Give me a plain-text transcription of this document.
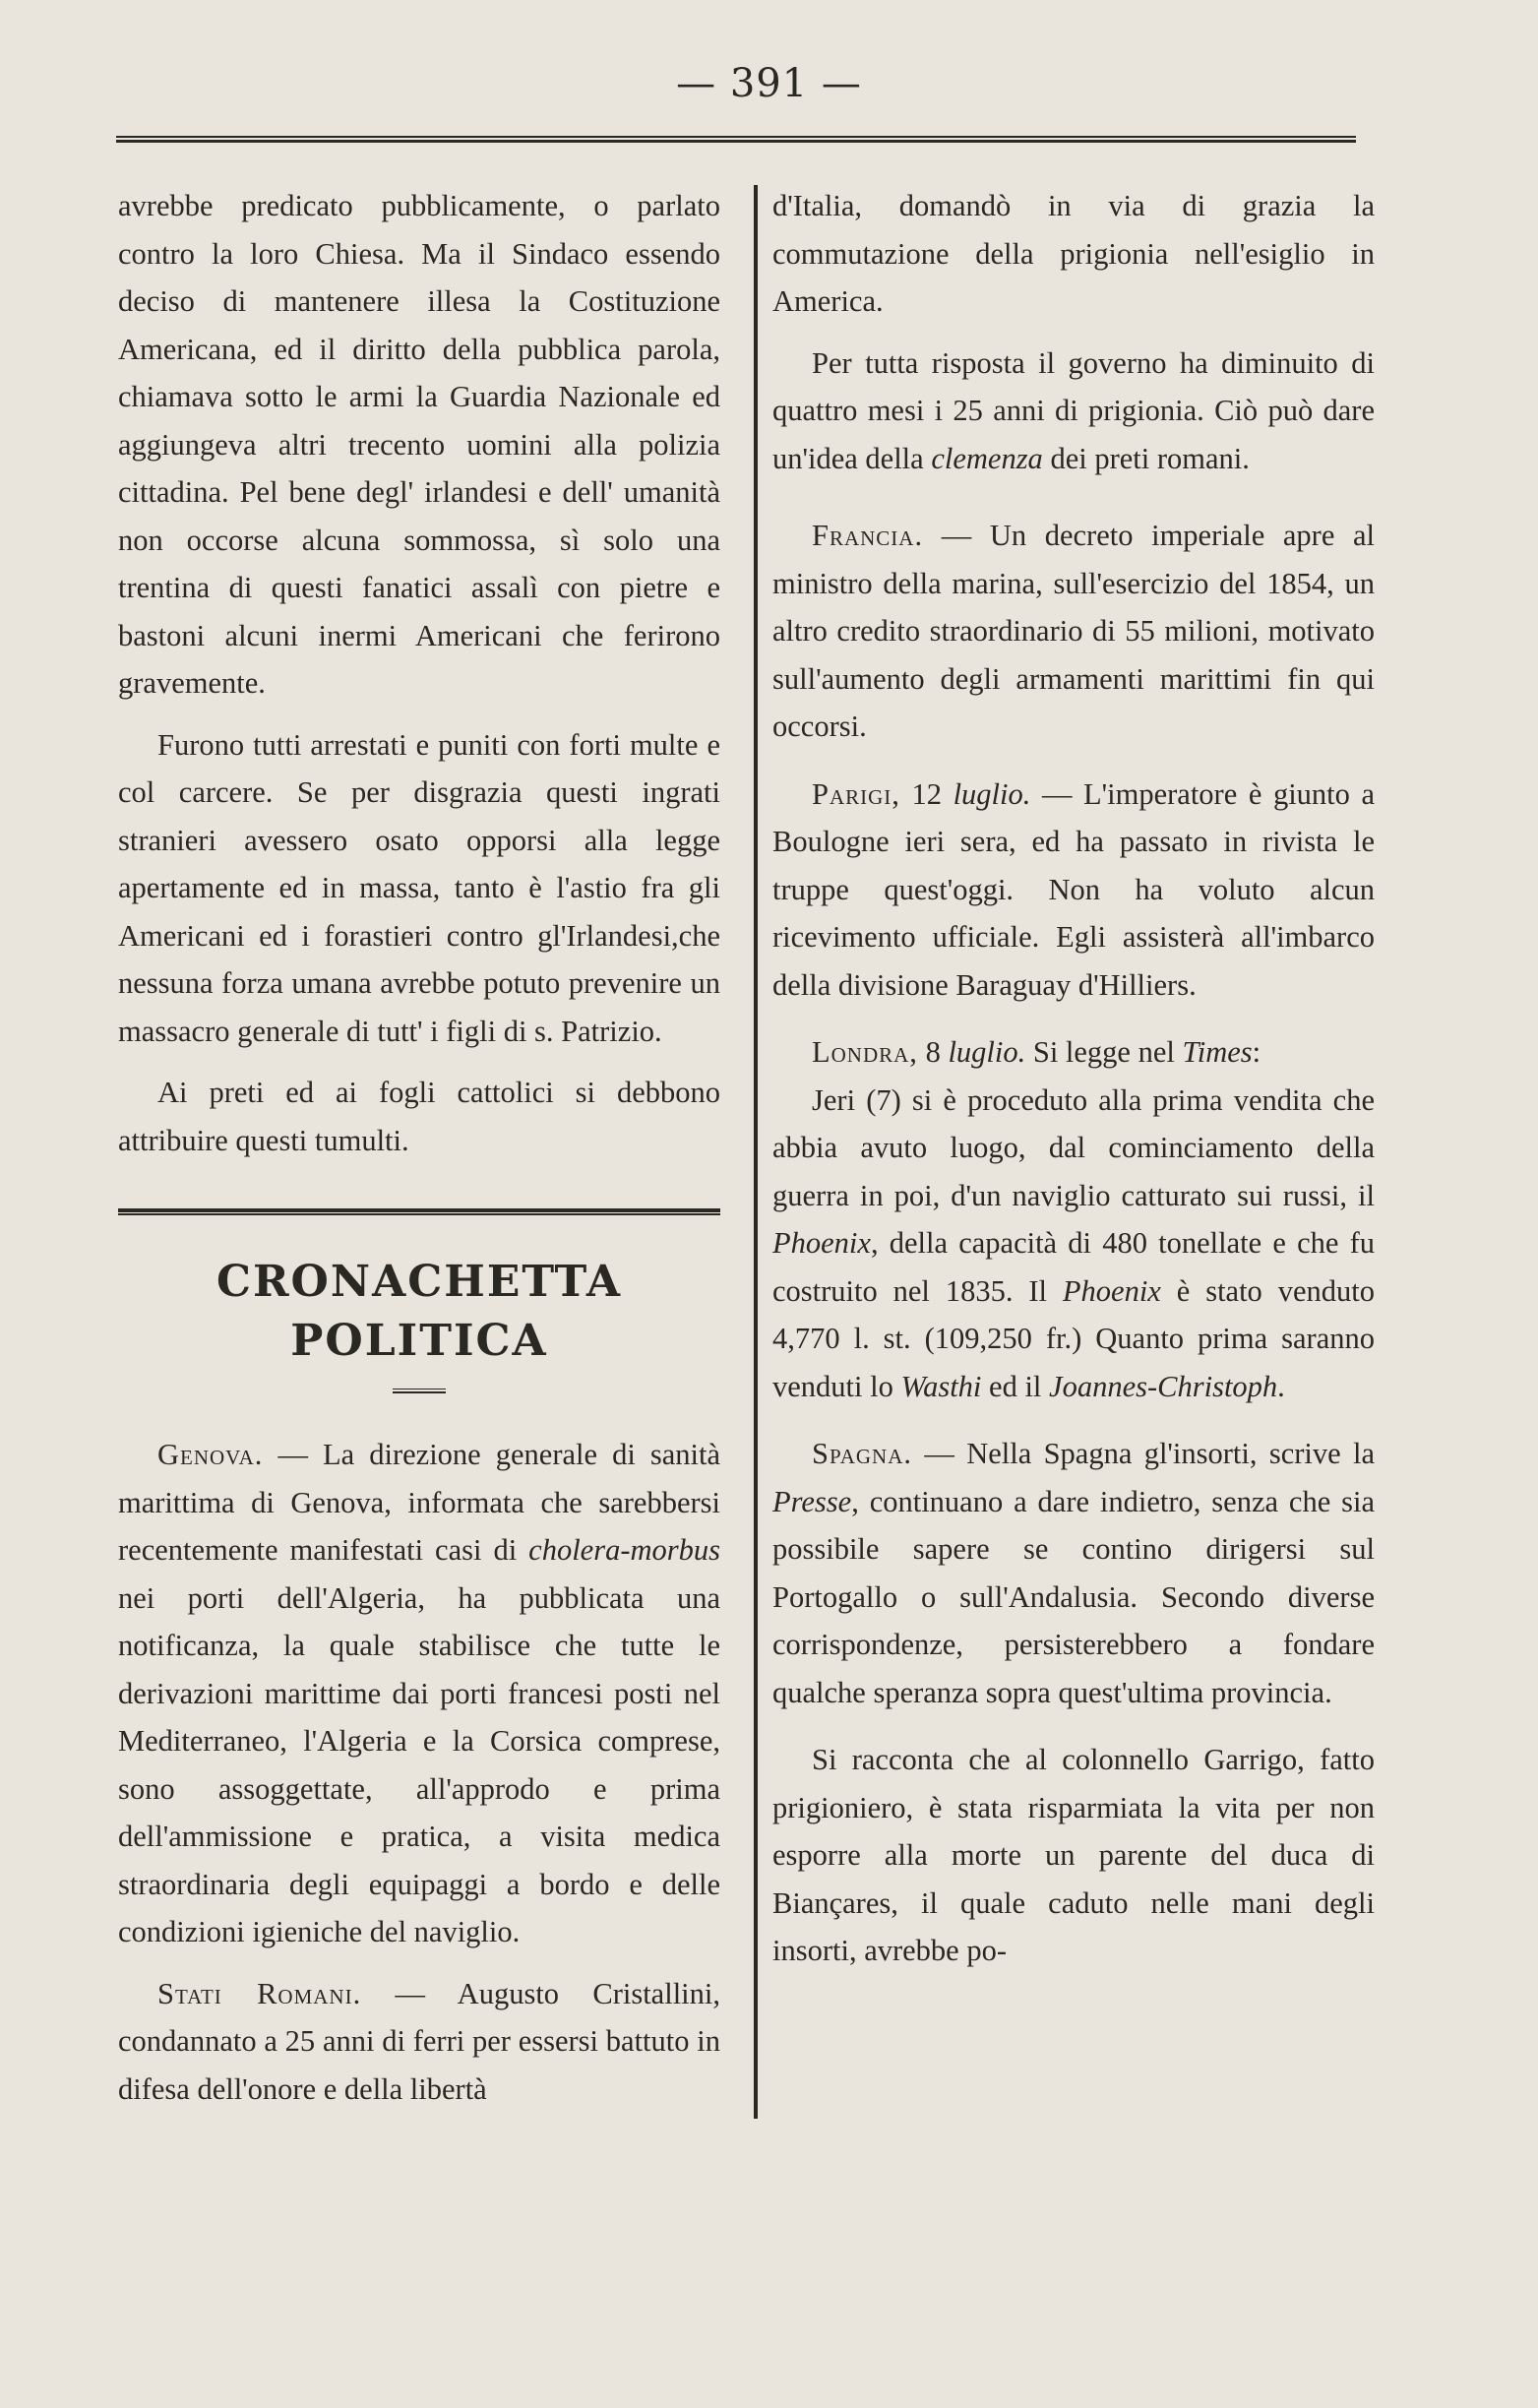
— 391 —

avrebbe predicato pubblicamente, o parlato contro la loro Chiesa. Ma il Sindaco essendo deciso di mantenere illesa la Costituzione Americana, ed il diritto della pubblica parola, chiamava sotto le armi la Guardia Nazionale ed aggiungeva altri trecento uomini alla polizia cittadina. Pel bene degl' irlandesi e dell' umanità non occorse alcuna sommossa, sì solo una trentina di questi fanatici assalì con pietre e bastoni alcuni inermi Americani che ferirono gravemente.

Furono tutti arrestati e puniti con forti multe e col carcere. Se per disgrazia questi ingrati stranieri avessero osato opporsi alla legge apertamente ed in massa, tanto è l'astio fra gli Americani ed i forastieri contro gl'Irlandesi,che nessuna forza umana avrebbe potuto prevenire un massacro generale di tutt' i figli di s. Patrizio.

Ai preti ed ai fogli cattolici si debbono attribuire questi tumulti.

CRONACHETTA POLITICA

Genova. — La direzione generale di sanità marittima di Genova, informata che sarebbersi recentemente manifestati casi di cholera-morbus nei porti dell'Algeria, ha pubblicata una notificanza, la quale stabilisce che tutte le derivazioni marittime dai porti francesi posti nel Mediterraneo, l'Algeria e la Corsica comprese, sono assoggettate, all'approdo e prima dell'ammissione e pratica, a visita medica straordinaria degli equipaggi a bordo e delle condizioni igieniche del naviglio.

Stati Romani. — Augusto Cristallini, condannato a 25 anni di ferri per essersi battuto in difesa dell'onore e della libertà

d'Italia, domandò in via di grazia la commutazione della prigionia nell'esiglio in America.

Per tutta risposta il governo ha diminuito di quattro mesi i 25 anni di prigionia. Ciò può dare un'idea della clemenza dei preti romani.

Francia. — Un decreto imperiale apre al ministro della marina, sull'esercizio del 1854, un altro credito straordinario di 55 milioni, motivato sull'aumento degli armamenti marittimi fin qui occorsi.

Parigi, 12 luglio. — L'imperatore è giunto a Boulogne ieri sera, ed ha passato in rivista le truppe quest'oggi. Non ha voluto alcun ricevimento ufficiale. Egli assisterà all'imbarco della divisione Baraguay d'Hilliers.

Londra, 8 luglio. Si legge nel Times:

Jeri (7) si è proceduto alla prima vendita che abbia avuto luogo, dal cominciamento della guerra in poi, d'un naviglio catturato sui russi, il Phoenix, della capacità di 480 tonellate e che fu costruito nel 1835. Il Phoenix è stato venduto 4,770 l. st. (109,250 fr.) Quanto prima saranno venduti lo Wasthi ed il Joannes-Christoph.

Spagna. — Nella Spagna gl'insorti, scrive la Presse, continuano a dare indietro, senza che sia possibile sapere se contino dirigersi sul Portogallo o sull'Andalusia. Secondo diverse corrispondenze, persisterebbero a fondare qualche speranza sopra quest'ultima provincia.

Si racconta che al colonnello Garrigo, fatto prigioniero, è stata risparmiata la vita per non esporre alla morte un parente del duca di Biançares, il quale caduto nelle mani degli insorti, avrebbe po-
